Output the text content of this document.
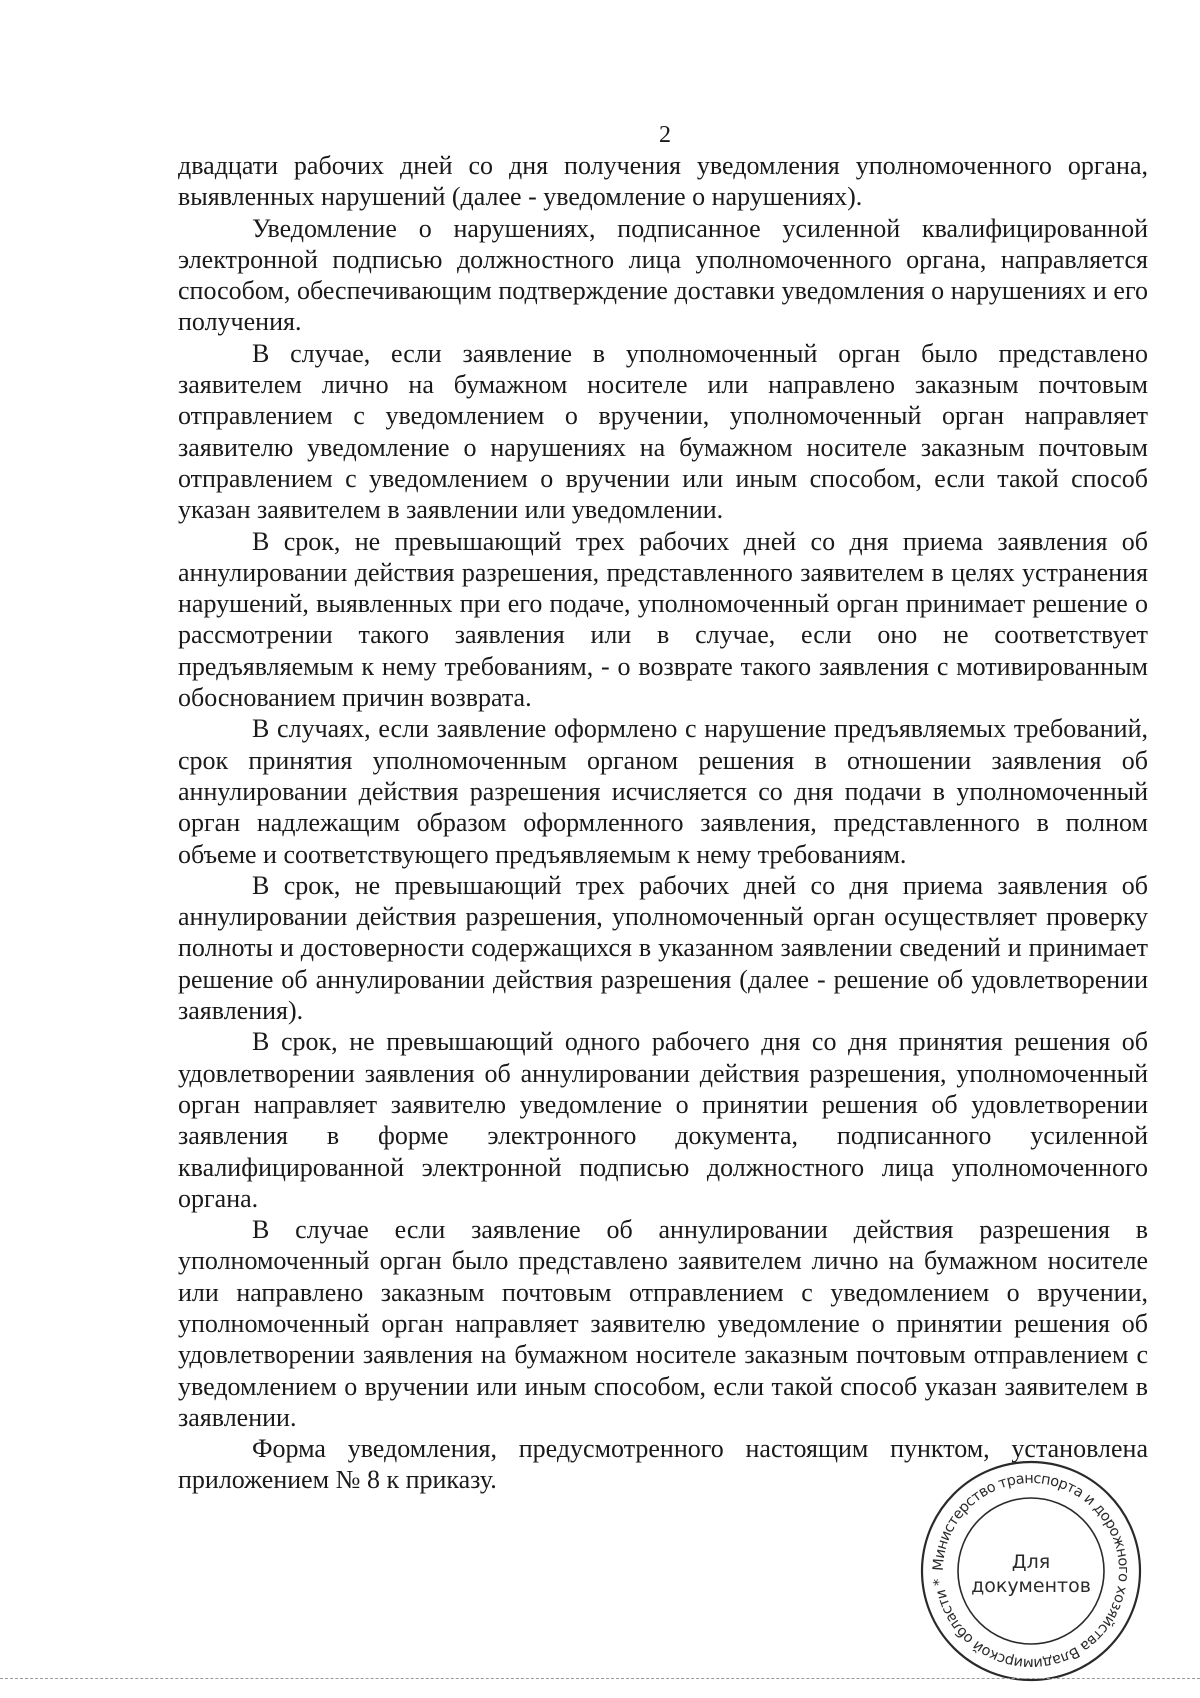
2

двадцати рабочих дней со дня получения уведомления уполномоченного органа, выявленных нарушений (далее - уведомление о нарушениях).

Уведомление о нарушениях, подписанное усиленной квалифицированной электронной подписью должностного лица уполномоченного органа, направляется способом, обеспечивающим подтверждение доставки уведомления о нарушениях и его получения.

В случае, если заявление в уполномоченный орган было представлено заявителем лично на бумажном носителе или направлено заказным почтовым отправлением с уведомлением о вручении, уполномоченный орган направляет заявителю уведомление о нарушениях на бумажном носителе заказным почтовым отправлением с уведомлением о вручении или иным способом, если такой способ указан заявителем в заявлении или уведомлении.

В срок, не превышающий трех рабочих дней со дня приема заявления об аннулировании действия разрешения, представленного заявителем в целях устранения нарушений, выявленных при его подаче, уполномоченный орган принимает решение о рассмотрении такого заявления или в случае, если оно не соответствует предъявляемым к нему требованиям, - о возврате такого заявления с мотивированным обоснованием причин возврата.

В случаях, если заявление оформлено с нарушение предъявляемых требований, срок принятия уполномоченным органом решения в отношении заявления об аннулировании действия разрешения исчисляется со дня подачи в уполномоченный орган надлежащим образом оформленного заявления, представленного в полном объеме и соответствующего предъявляемым к нему требованиям.

В срок, не превышающий трех рабочих дней со дня приема заявления об аннулировании действия разрешения, уполномоченный орган осуществляет проверку полноты и достоверности содержащихся в указанном заявлении сведений и принимает решение об аннулировании действия разрешения (далее - решение об удовлетворении заявления).

В срок, не превышающий одного рабочего дня со дня принятия решения об удовлетворении заявления об аннулировании действия разрешения, уполномоченный орган направляет заявителю уведомление о принятии решения об удовлетворении заявления в форме электронного документа, подписанного усиленной квалифицированной электронной подписью должностного лица уполномоченного органа.

В случае если заявление об аннулировании действия разрешения в уполномоченный орган было представлено заявителем лично на бумажном носителе или направлено заказным почтовым отправлением с уведомлением о вручении, уполномоченный орган направляет заявителю уведомление о принятии решения об удовлетворении заявления на бумажном носителе заказным почтовым отправлением с уведомлением о вручении или иным способом, если такой способ указан заявителем в заявлении.

Форма уведомления, предусмотренного настоящим пунктом, установлена приложением № 8 к приказу.

Министерство транспорта и дорожного хозяйства Владимирской области *
Для
документов
